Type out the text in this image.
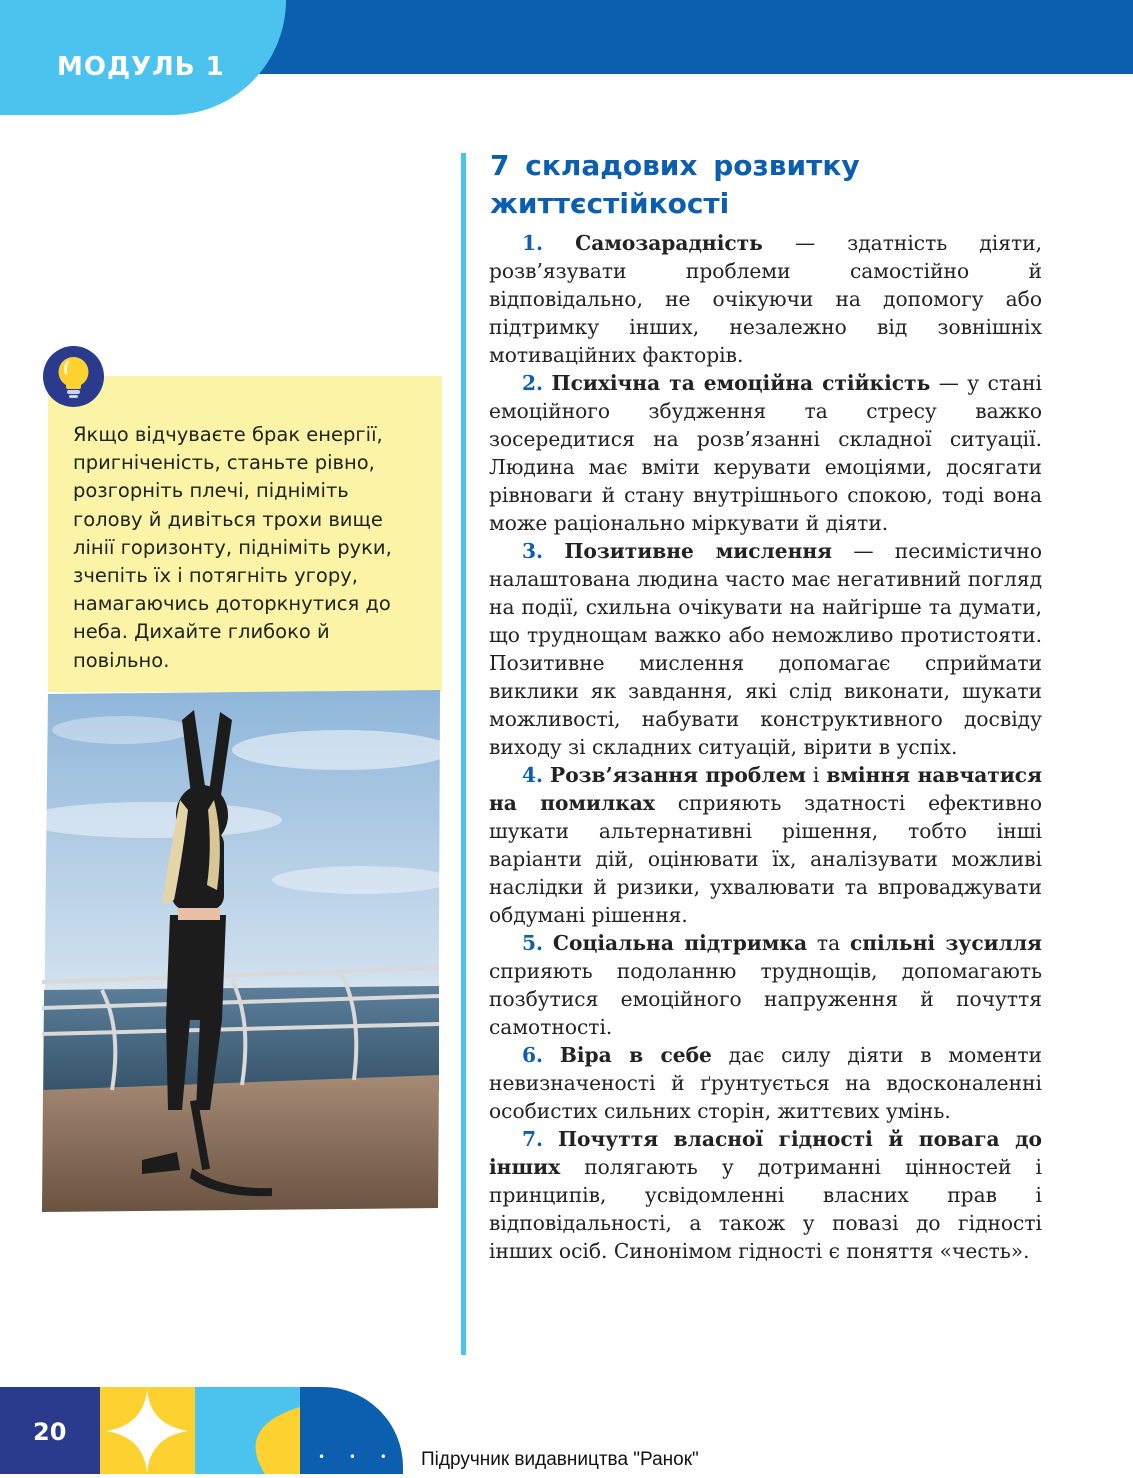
МОДУЛЬ 1
7 складових розвитку
життєстійкості

1. Самозарадність — здатність діяти, розв’язувати проблеми самостійно й відповідально, не очікуючи на допомогу або підтримку інших, незалежно від зовнішніх мотиваційних факторів.

2. Психічна та емоційна стійкість — у стані емоційного збудження та стресу важко зосередитися на розв’язанні складної ситуації. Людина має вміти керувати емоціями, досягати рівноваги й стану внутрішнього спокою, тоді вона може раціонально міркувати й діяти.

3. Позитивне мислення — песимістично налаштована людина часто має негативний погляд на події, схильна очікувати на найгірше та думати, що труднощам важко або неможливо протистояти. Позитивне мислення допомагає сприймати виклики як завдання, які слід виконати, шукати можливості, набувати конструктивного досвіду виходу зі складних ситуацій, вірити в успіх.

4. Розв’язання проблем і вміння навчатися на помилках сприяють здатності ефективно шукати альтернативні рішення, тобто інші варіанти дій, оцінювати їх, аналізувати можливі наслідки й ризики, ухвалювати та впроваджувати обдумані рішення.

5. Соціальна підтримка та спільні зусилля сприяють подоланню труднощів, допомагають позбутися емоційного напруження й почуття самотності.

6. Віра в себе дає силу діяти в моменти невизначеності й ґрунтується на вдосконаленні особистих сильних сторін, життєвих умінь.

7. Почуття власної гідності й повага до інших полягають у дотриманні цінностей і принципів, усвідомленні власних прав і відповідальності, а також у повазі до гідності інших осіб. Синонімом гідності є поняття «честь».

Якщо відчуваєте брак енергії, пригніченість, станьте рівно, розгорніть плечі, підніміть голову й дивіться трохи вище лінії горизонту, підніміть руки, зчепіть їх і потягніть угору, намагаючись доторкнутися до неба. Дихайте глибоко й повільно.
20
• • • •
Підручник видавництва "Ранок"
